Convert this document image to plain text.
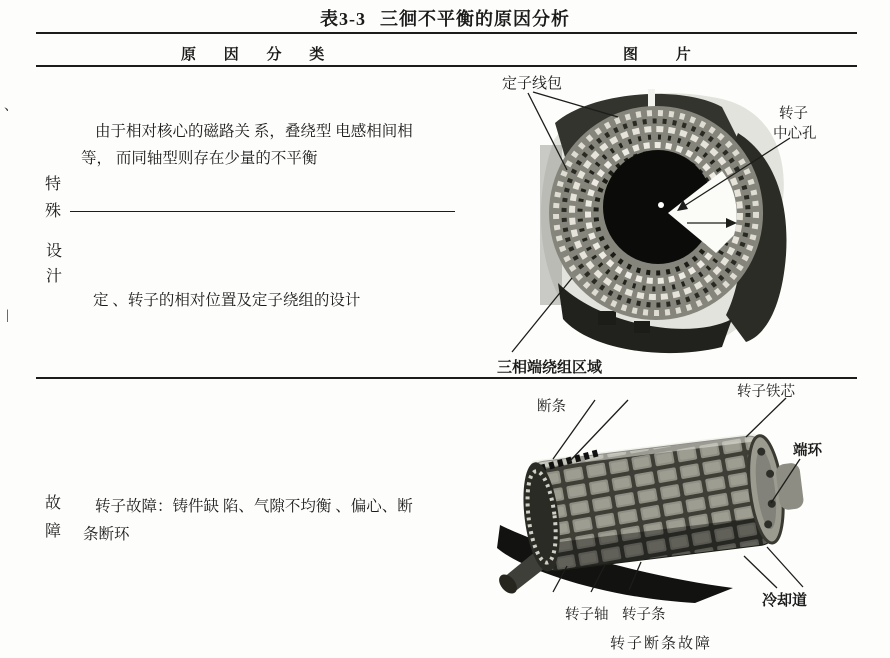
表3-3 三徊不平衡的原因分析
原 因 分 类	图 片
、
|
特
殊
设
汁
由于相对核心的磁路关 系，叠绕型 电感相间相
等， 而同轴型则存在少量的不平衡
定 、转子的相对位置及定子绕组的设计
故
障
转子故障：铸件缺 陷、气隙不均衡 、偏心、断
条断环
定子线包
转子
中心孔
三相端绕组区域
转子铁芯
断条
端环
冷却道
转子轴 转子条
转子断条故障
